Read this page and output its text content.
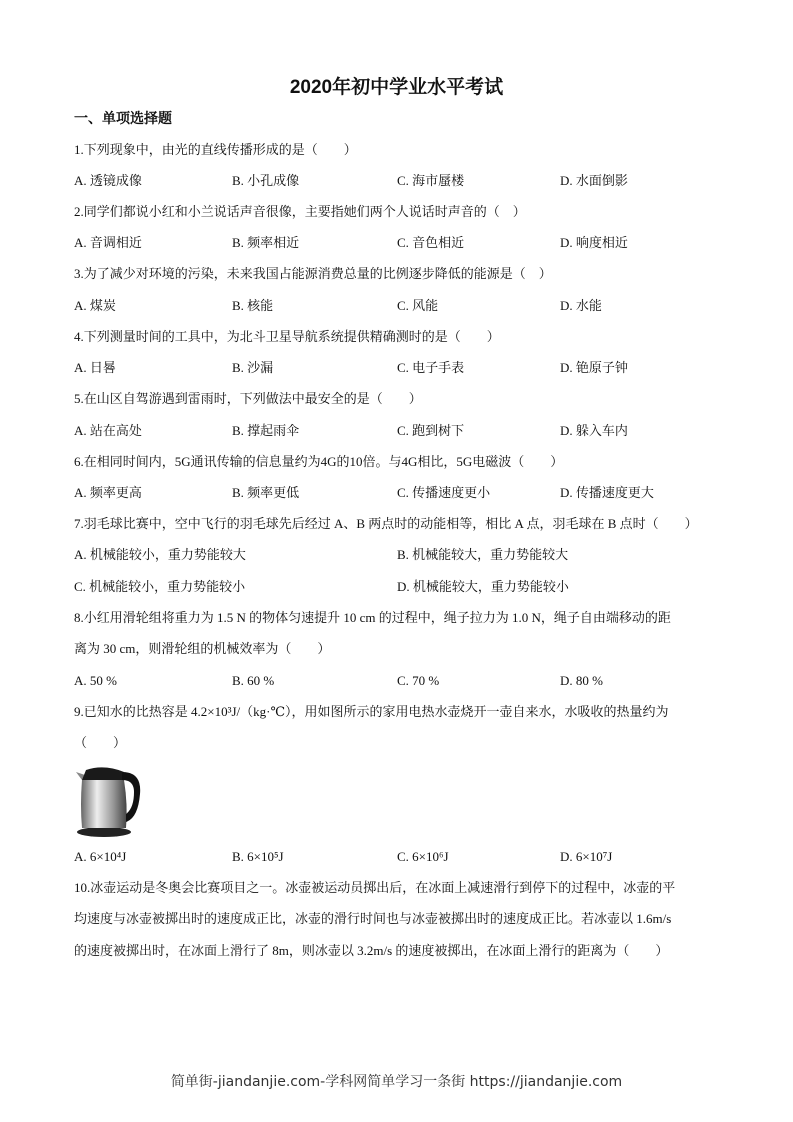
2020年初中学业水平考试
一、单项选择题
1.下列现象中，由光的直线传播形成的是（　　）
A. 透镜成像	B. 小孔成像	C. 海市蜃楼	D. 水面倒影
2.同学们都说小红和小兰说话声音很像，主要指她们两个人说话时声音的（　）
A. 音调相近	B. 频率相近	C. 音色相近	D. 响度相近
3.为了减少对环境的污染，未来我国占能源消费总量的比例逐步降低的能源是（　）
A. 煤炭	B. 核能	C. 风能	D. 水能
4.下列测量时间的工具中，为北斗卫星导航系统提供精确测时的是（　　）
A. 日晷	B. 沙漏	C. 电子手表	D. 铯原子钟
5.在山区自驾游遇到雷雨时，下列做法中最安全的是（　　）
A. 站在高处	B. 撑起雨伞	C. 跑到树下	D. 躲入车内
6.在相同时间内，5G通讯传输的信息量约为4G的10倍。与4G相比，5G电磁波（　　）
A. 频率更高	B. 频率更低	C. 传播速度更小	D. 传播速度更大
7.羽毛球比赛中，空中飞行的羽毛球先后经过 A、B 两点时的动能相等，相比 A 点，羽毛球在 B 点时（　　）
A. 机械能较小，重力势能较大	B. 机械能较大，重力势能较大
C. 机械能较小，重力势能较小	D. 机械能较大，重力势能较小
8.小红用滑轮组将重力为 1.5 N 的物体匀速提升 10 cm 的过程中，绳子拉力为 1.0 N，绳子自由端移动的距
离为 30 cm，则滑轮组的机械效率为（　　）
A. 50 %	B. 60 %	C. 70 %	D. 80 %
9.已知水的比热容是 4.2×10³J/（kg·℃），用如图所示的家用电热水壶烧开一壶自来水，水吸收的热量约为
（　　）
A. 6×10⁴J	B. 6×10⁵J	C. 6×10⁶J	D. 6×10⁷J
10.冰壶运动是冬奥会比赛项目之一。冰壶被运动员掷出后，在冰面上减速滑行到停下的过程中，冰壶的平
均速度与冰壶被掷出时的速度成正比，冰壶的滑行时间也与冰壶被掷出时的速度成正比。若冰壶以 1.6m/s
的速度被掷出时，在冰面上滑行了 8m，则冰壶以 3.2m/s 的速度被掷出，在冰面上滑行的距离为（　　）
简单街-jiandanjie.com-学科网简单学习一条街 https://jiandanjie.com
